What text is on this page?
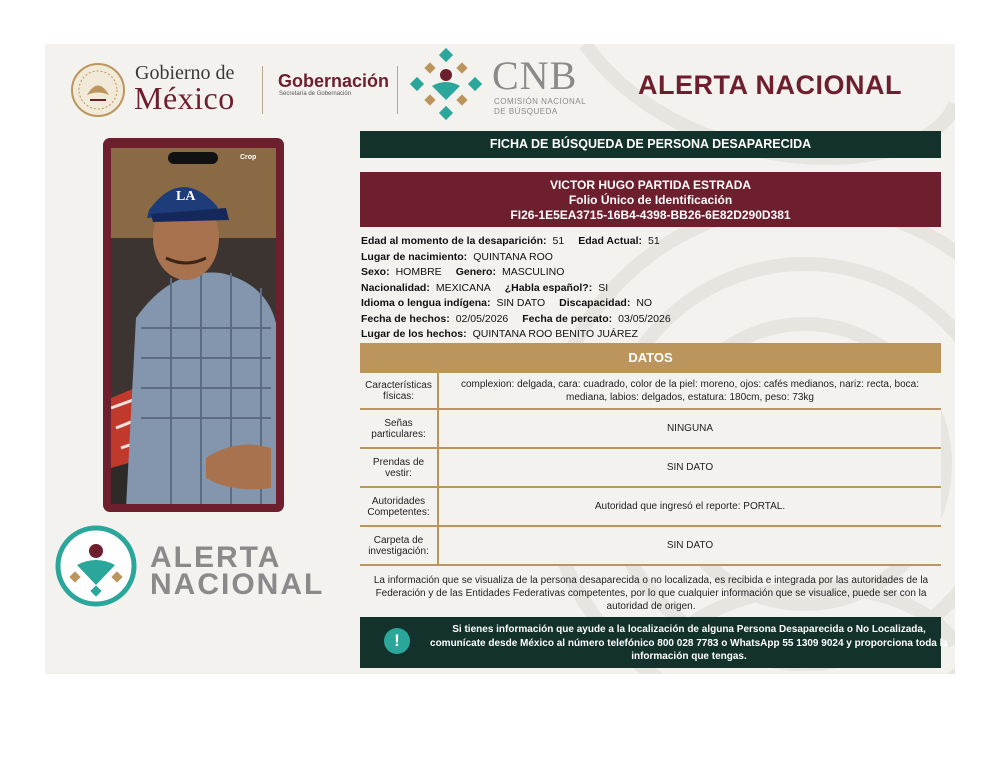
Gobierno de
México Gobernación
Secretaría de Gobernación	CNB
COMISIÓN NACIONAL
DE BÚSQUEDA
ALERTA NACIONAL
LA
Crop
ALERTA
NACIONAL
FICHA DE BÚSQUEDA DE PERSONA DESAPARECIDA
VICTOR HUGO PARTIDA ESTRADA
Folio Único de Identificación
FI26-1E5EA3715-16B4-4398-BB26-6E82D290D381
Edad al momento de la desaparición: 51 Edad Actual: 51
Lugar de nacimiento: QUINTANA ROO
Sexo: HOMBRE Genero: MASCULINO
Nacionalidad: MEXICANA ¿Habla español?: SI
Idioma o lengua indígena: SIN DATO Discapacidad: NO
Fecha de hechos: 02/05/2026 Fecha de percato: 03/05/2026
Lugar de los hechos: QUINTANA ROO BENITO JUÁREZ
DATOS
Características físicas:
complexion: delgada, cara: cuadrado, color de la piel: moreno, ojos: cafés medianos, nariz: recta, boca: mediana, labios: delgados, estatura: 180cm, peso: 73kg
Señas particulares:	NINGUNA
Prendas de vestir:	SIN DATO
Autoridades Competentes:	Autoridad que ingresó el reporte: PORTAL.
Carpeta de investigación:	SIN DATO
La información que se visualiza de la persona desaparecida o no localizada, es recibida e integrada por las autoridades de la Federación y de las Entidades Federativas competentes, por lo que cualquier información que se visualice, puede ser con la autoridad de origen.
!
Si tienes información que ayude a la localización de alguna Persona Desaparecida o No Localizada, comunícate desde México al número telefónico 800 028 7783 o WhatsApp 55 1309 9024 y proporciona toda la información que tengas.
